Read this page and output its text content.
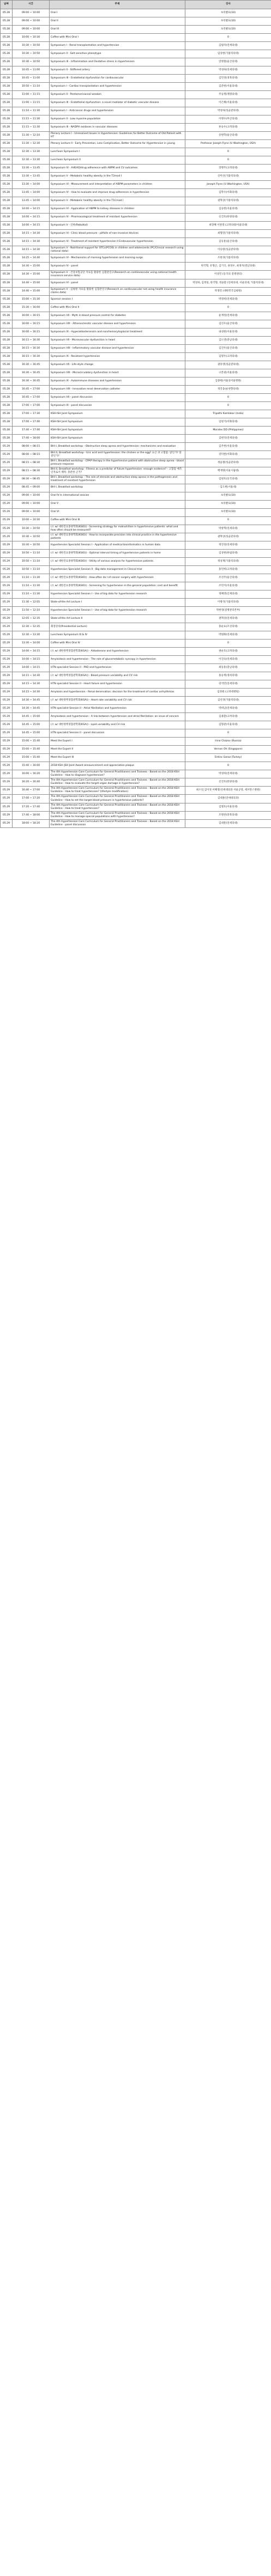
날짜	시간	주제	강사
05.28	09:00 ~ 10:00	Oral I	초록발표(10)
05.28	09:00 ~ 10:00	Oral II	초록발표(10)
05.28	09:00 ~ 10:00	Oral III	초록발표(10)
05.28	10:00 ~ 10:30	Coffee with Mini Oral I	0
05.28	10:30 ~ 10:50	Symposium I - Renal transplantation and hypertension	김범석(연세의대)
05.28	10:30 ~ 10:50	Symposium II - Salt sensitive phenotype	임상현(가톨릭의대)
05.28	10:30 ~ 10:50	Symposium III - Inflammation and Oxidative stress in Hypertension	연병철(울산의대)
05.28	10:45 ~ 11:00	Symposium II - Stiffened artery	박성하(연세의대)
05.28	10:45 ~ 11:00	Symposium III - Endothelial dysfunction for cardiovascular	김민경(경북의대)
05.28	10:50 ~ 11:10	Symposium I - Cardiac transplantation and hypertension	김준현(서울의대)
05.28	11:00 ~ 11:15	Symposium II - Pentamericaceal weaken	주승재(계명의대)
05.28	11:00 ~ 11:15	Symposium III - Endothelial dysfunction: a novel mediator of diabetic vascular disease	이은해(서울의대)
05.28	11:10 ~ 11:30	Symposium I - Anticancer drugs and hypertension	박성하(성균관의대)
05.28	11:15 ~ 11:30	Symposium II - Low myosine population	이병수(부산의대)
05.28	11:15 ~ 11:30	Symposium III - NADPH oxidases in vascular diseases	류승우(고려의대)
05.28	11:30 ~ 12:10	Plenary Lecture I - Unresolved Issues in Hypertension: Guidelines for Better Outcome of Old Patient with HT	송원학(울산의대)
05.28	11:30 ~ 12:30	Plenary Lecture II - Early Prevention, Less Complication, Better Outcome for Hypertension in young	Professor Joseph Flynn (U Washington, USA)
05.28	12:30 ~ 13:30	Luncheon Symposium I	0
05.28	12:30 ~ 13:30	Luncheon Symposium II	0
05.28	13:30 ~ 13:45	Symposium IV - AHEAD/drug adherence with ABPM and CV outcomes	장병주(고려의대)
05.28	13:30 ~ 13:45	Symposium V - Metabolic healthy obesity in the T2mod I	신미선(가톨릭의대)
05.28	13:30 ~ 14:00	Symposium VI - Measurement and interpretation of ABPM parameters in children	Joseph Flynn (U Washington, USA)
05.28	13:45 ~ 14:00	Symposium IV - How to evaluate and improve drug adherence in hypertension	김학수(이화의대)
05.28	13:45 ~ 14:00	Symposium V - Metabolic healthy obesity in the T1Cmod I	권혁상(가톨릭의대)
05.28	14:00 ~ 14:15	Symposium VI - Application of ABPM to kidney diseases in children	김승현(서울의대)
05.28	14:00 ~ 14:15	Symposium IV - Pharmacological treatment of resistant hypertension	신진호(한양의대)
05.28	14:00 ~ 14:15	Symposium V - 인하(Rebuttal)	최장혜 서원영 (고려의대/서울의대)
05.28	14:15 ~ 14:30	Symposium VI - Clinic blood pressure - pitfalls of non-invasive devices	최형민(가톨릭의대)
05.28	14:15 ~ 14:30	Symposium IV - Treatment of resistant hypertension II Endovascular hypertension	김동훈(울산의대)
05.28	14:15 ~ 14:30	Symposium V - Nutritional support for OTCs(PCOS) in children and adolescents (PC/Clinical research using national data)	이승원(성균관의대)
05.28	14:25 ~ 14:40	Symposium VI - Mechanisms of morning hypertension and morning surge	조현경(가톨릭의대)
05.28	14:30 ~ 15:00	Symposium IV - panel	한국형, 유형근, 김기식, 권성우, 최경지(영남의대)
05.28	14:30 ~ 15:00	Symposium V - 건강보험공단 자료를 활용한 심혈관연구(Research on cardiovascular using national health insurance service data)	이상민 (동국의 질병센터)
05.28	14:40 ~ 15:00	Symposium VI - panel	박성하, 김정일, 한국형, 정윤환 (연세의대, 서울의대, 가톨릭의대)
05.28	14:40 ~ 15:00	Symposium V - 심평원 자료를 활용한 심혈관연구(Research on cardiovascular not using health insurance claims data)	박경민 (대한민국심평원)
05.28	15:00 ~ 15:30	Sponsor session I	박영희(연세의대)
05.28	15:30 ~ 16:00	Coffee with Mini Oral II	0
05.28	16:00 ~ 16:15	Symposium VII - Myth in blood pressure control for diabetes	윤재성(연세의대)
05.28	16:00 ~ 16:15	Symposium VIII - Atherosclerotic vascular disease and hypertension	김진우(울산의대)
05.28	16:00 ~ 16:15	Symposium IX - Hyperaldosteronism and nonrhemocytoplacial treatment	내성원(서울의대)
05.28	16:15 ~ 16:30	Symposium VII - Microvascular dysfunction in heart	김도영(충남의대)
05.28	16:15 ~ 16:30	Symposium VIII - Inflammatory vascular disease and hypertension	김진우(울산의대)
05.28	16:15 ~ 16:30	Symposium IX - Resistant hypertension	김형두(고려의대)
05.28	16:30 ~ 16:45	Symposium VII - Life-style change	권흥영(성균관의대)
05.28	16:30 ~ 16:45	Symposium VIII - Microcirculatory dysfunction in heart	구본권(서울의대)
05.28	16:30 ~ 16:45	Symposium IX - Autoimmune diseases and hypertension	김종현(서울성서울병원)
05.28	16:45 ~ 17:00	Symposium VIII - Innovative renal denervation catheter	정진웅(순천향의대)
05.28	16:45 ~ 17:00	Symposium VII - panel discussion	0
05.28	17:00 ~ 17:00	Symposium IX - panel discussion	0
05.28	17:00 ~ 17:30	KSH-ISH Joint Symposium	Tripathi Kamlakar (India)
05.28	17:00 ~ 17:40	KSH-ISH Joint Symposium	김원기(이화의대)
05.28	17:40 ~ 17:40	KSH-ISH Joint Symposium	Morales DD (Philippines)
05.28	17:40 ~ 18:00	KSH-ISH Joint Symposium	김현석(연세의대)
05.29	08:00 ~ 08:15	BHI I, Breakfast workshop - Obstructive sleep apnea and hypertension: mechanisms and evaluation	김주현(서울의대)
05.29	08:00 ~ 08:15	BHI II, Breakfast workshop - Uric acid and hypertension: the chicken or the egg? 요산 과 고혈압: 닭인가? 달걀인가?	강덕현(이화의대)
05.29	08:15 ~ 08:30	BHI I, Breakfast workshop - CPAP therapy in the hypertensive patient with obstructive sleep apnea - blood pressure response	정윤철(성균관의대)
05.29	08:15 ~ 08:30	BHI II, Breakfast workshop - Fitness as a predictor of future hypertension: enough evidence? - 고혈압 예측인자로서 체력: 충분한 근거?	백재명(서울시립대)
05.29	08:30 ~ 08:45	BHI I, Breakfast workshop - The role of steroids and obstructive sleep apnea in the pathogenesis and treatment of resistant hypertension	김원호(동국의대)
05.29	08:45 ~ 09:00	BHI I, Breakfast workshop	김도현(서울대)
05.29	09:00 ~ 10:00	Oral IV In international session	초록발표(10)
05.29	09:00 ~ 10:00	Oral V	초록발표(10)
05.29	09:00 ~ 10:00	Oral VI	초록발표(10)
05.29	10:00 ~ 10:30	Coffee with Mini Oral III	0
05.29	10:30 ~ 10:50	(소 w/ 대한진료종양학회(KSIO)) - Screening strategy for malnutrition in hypertensive patients: what and how often should be measured?	박창혁(연세의대)
05.29	10:30 ~ 10:50	(소 w/ 대한진료종양학회(KSIO)) - How to incorporate precision into clinical practice in the hypertensive patients	권혁상(성균관의대)
05.29	10:30 ~ 10:50	Hypertension Specialist Session I - Application of medical bioinformatics in human data	정진성(연세의대)
05.29	10:50 ~ 11:10	(소 w/ 대한진료종양학회(KSIO)) - Optimal interval timing of hypertensive patients in home	김상현(한림의대)
05.29	10:50 ~ 11:10	(소 w/ 대한진료종양학회(KSIO)) - Utility of various analysis for hypertensive patients	정성재(가톨릭의대)
05.29	10:50 ~ 11:10	Hypertension Specialist Session II - Big data management in Clinical trial	홍민희(고려의대)
05.29	11:10 ~ 11:30	(소 w/ 대한진료종양학회(KSIO)) - How often do I of cancer surgery with hypertension	조선주(울산의대)
05.29	11:10 ~ 11:30	(소 w/ 대한진료종양학회(KSIO)) - Screening for hypertension in the general population: cost and benefit	조민서(서울의대)
05.29	11:10 ~ 11:30	Hypertension Specialist Session I - Use of big data for hypertension research	정혜영(인제의대)
05.29	11:30 ~ 12:05	State-of-the Art Lecture I	이병석(가톨릭의대)
05.29	11:50 ~ 12:10	Hypertension Specialist Session I - Use of big data for hypertension research	박현영(질병관리본부)
05.29	12:05 ~ 12:35	State-of-the Art Lecture II	권혁상(연세의대)
05.29	12:30 ~ 12:35	회장강의(Presidential Lecture)	홍순표(조선의대)
05.29	12:30 ~ 13:30	Luncheon Symposium III & IV	박원화(연세의대)
05.29	13:30 ~ 14:00	Coffee with Mini Oral IV	0
05.29	14:00 ~ 14:15	(소 w/ 대한정맥경혈관학회(KSA)) - Aldosterone and hypertension	권순호(고려의대)
05.29	14:00 ~ 14:15	Amyloidosis and hypertension - The role of glucometabolic syncopy in hypertension	이진숙(연세의대)
05.29	14:00 ~ 14:15	HTN specialist Session II - PAD and hypertension	최동훈(충남의대)
05.29	14:15 ~ 14:30	(소 w/ 대한정맥경혈관학회(KSA)) - Blood pressure variability and CV risk	홍승재(경희의대)
05.29	14:15 ~ 14:30	HTN specialist Session II - Heart failure and hypertension	강석민(연세의대)
05.29	14:15 ~ 14:30	Amyloisis and hypertension - Renal denervation: decision for the treatment of cardiac arrhythmias	임정원 (고려대병원)
05.29	14:30 ~ 14:45	(소 w/ 대한정맥경혈관학회(KSA)) - Heart rate variability and CV risk	김선경(가톨릭의대)
05.29	14:30 ~ 14:45	HTN specialist Session II - Atrial fibrillation and hypertension	박희남(연세의대)
05.29	14:45 ~ 15:00	Amyloidosis and hypertension - A link between hypertension and atrial fibrillation: an issue of concern	김용환(고려의대)
05.29	14:45 ~ 15:00	(소 w/ 대한정맥경혈관학회(KSA)) - Lipid variability and CV risk	김형관(서울의대)
05.29	14:45 ~ 15:00	HTN specialist Session II - panel discussion	0
05.29	15:00 ~ 15:40	Meet the Expert I	Irina Chazov (Russia)
05.29	15:00 ~ 15:40	Meet the Expert II	Vernon Oh (Singapore)
05.29	15:00 ~ 15:40	Meet the Expert III	Erdinc Geraz (Turkey)
05.29	15:40 ~ 16:00	2018 KSH-JSH Joint Award announcement and appreciation plaque	0
05.29	16:00 ~ 16:20	The 4th Hypertension Core Curriculum for General Practitioners and Trainees - Based on the 2018 KSH Guideline - How to diagnose hypertension?	박성하(연세의대)
05.29	16:20 ~ 16:40	The 4th Hypertension Core Curriculum for General Practitioners and Trainees - Based on the 2018 KSH Guideline - How to evaluate the target organ damage in hypertension?	신진호(한양의대)
05.29	16:40 ~ 17:00	The 4th Hypertension Core Curriculum for General Practitioners and Trainees - Based on the 2018 KSH Guideline - How to treat hypertension? (lifestyle modification)	최소연,김이경 이혜영(연세대의과 서울공영, 세브란스병원)
05.29	17:00 ~ 17:20	The 4th Hypertension Core Curriculum for General Practitioners and Trainees - Based on the 2018 KSH Guideline - How to set the target blood pressure in hypertensive patients?	김대훈(연세대의과)
05.29	17:20 ~ 17:40	The 4th Hypertension Core Curriculum for General Practitioners and Trainees - Based on the 2018 KSH Guideline - How to treat hypertension?	김철호(서울의대)
05.29	17:40 ~ 18:00	The 4th Hypertension Core Curriculum for General Practitioners and Trainees - Based on the 2018 KSH Guideline - How to manage special populations with hypertension?	조명찬(충북의대)
05.29	18:00 ~ 18:20	The 4th Hypertension Core Curriculum for General Practitioners and Trainees - Based on the 2018 KSH Guideline - panel discussion	김대훈(연세의대)
